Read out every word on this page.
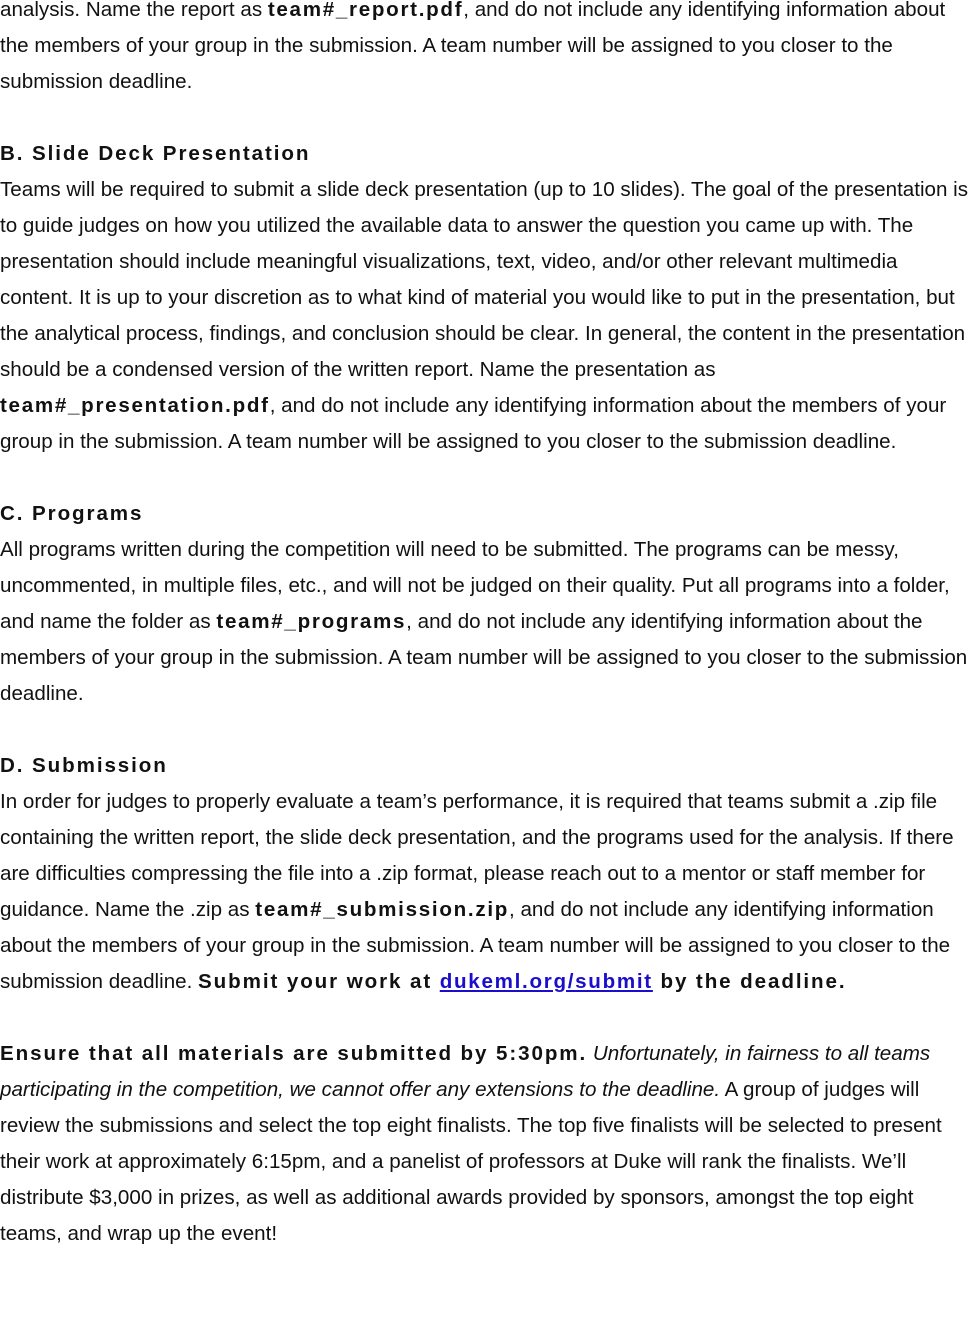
analysis. Name the report as team#_report.pdf, and do not include any identifying information about the members of your group in the submission. A team number will be assigned to you closer to the submission deadline.

B. Slide Deck Presentation

Teams will be required to submit a slide deck presentation (up to 10 slides). The goal of the presentation is to guide judges on how you utilized the available data to answer the question you came up with. The presentation should include meaningful visualizations, text, video, and/or other relevant multimedia content. It is up to your discretion as to what kind of material you would like to put in the presentation, but the analytical process, findings, and conclusion should be clear. In general, the content in the presentation should be a condensed version of the written report. Name the presentation as team#_presentation.pdf, and do not include any identifying information about the members of your group in the submission. A team number will be assigned to you closer to the submission deadline.

C. Programs

All programs written during the competition will need to be submitted. The programs can be messy, uncommented, in multiple files, etc., and will not be judged on their quality. Put all programs into a folder, and name the folder as team#_programs, and do not include any identifying information about the members of your group in the submission. A team number will be assigned to you closer to the submission deadline.

D. Submission

In order for judges to properly evaluate a team’s performance, it is required that teams submit a .zip file containing the written report, the slide deck presentation, and the programs used for the analysis. If there are difficulties compressing the file into a .zip format, please reach out to a mentor or staff member for guidance. Name the .zip as team#_submission.zip, and do not include any identifying information about the members of your group in the submission. A team number will be assigned to you closer to the submission deadline. Submit your work at dukeml.org/submit by the deadline.

Ensure that all materials are submitted by 5:30pm. Unfortunately, in fairness to all teams participating in the competition, we cannot offer any extensions to the deadline. A group of judges will review the submissions and select the top eight finalists. The top five finalists will be selected to present their work at approximately 6:15pm, and a panelist of professors at Duke will rank the finalists. We’ll distribute $3,000 in prizes, as well as additional awards provided by sponsors, amongst the top eight teams, and wrap up the event!
